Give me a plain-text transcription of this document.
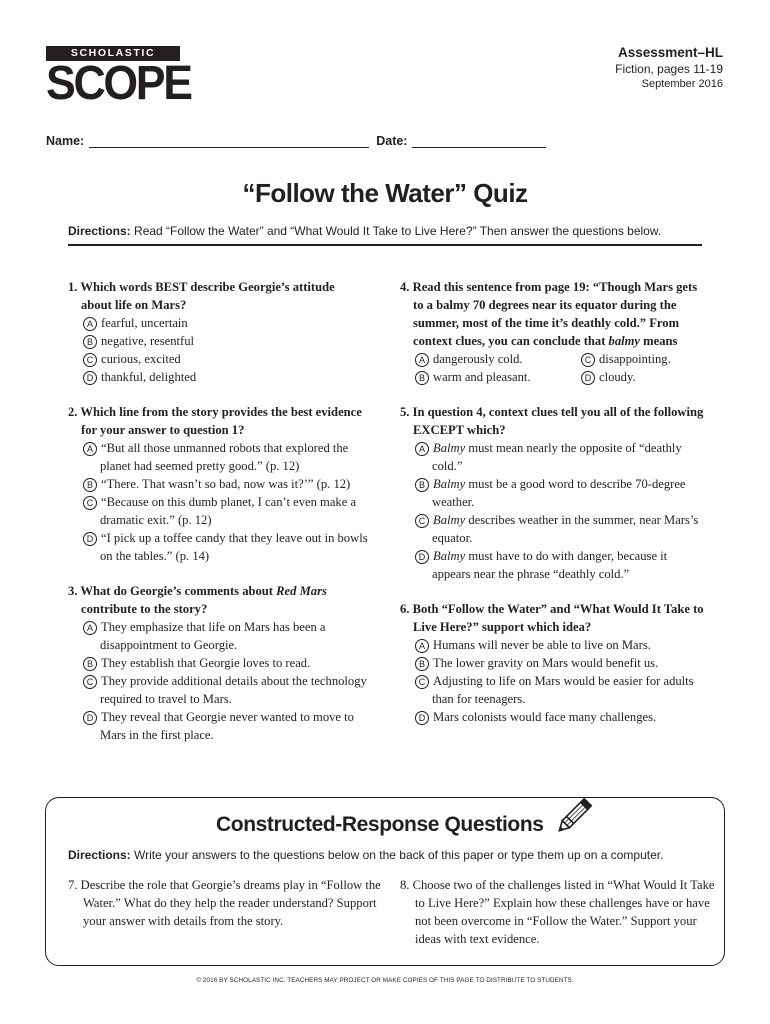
SCHOLASTIC
SCOPE
Assessment–HL
Fiction, pages 11-19
September 2016
Name:	Date:
“Follow the Water” Quiz
Directions: Read “Follow the Water” and “What Would It Take to Live Here?” Then answer the questions below.
1. Which words BEST describe Georgie’s attitude about life on Mars?
A fearful, uncertain
B negative, resentful
C curious, excited
D thankful, delighted
2. Which line from the story provides the best evidence for your answer to question 1?
A “But all those unmanned robots that explored the planet had seemed pretty good.” (p. 12)
B “There. That wasn’t so bad, now was it?’” (p. 12)
C “Because on this dumb planet, I can’t even make a dramatic exit.” (p. 12)
D “I pick up a toffee candy that they leave out in bowls on the tables.” (p. 14)
3. What do Georgie’s comments about Red Mars contribute to the story?
A They emphasize that life on Mars has been a disappointment to Georgie.
B They establish that Georgie loves to read.
C They provide additional details about the technology required to travel to Mars.
D They reveal that Georgie never wanted to move to Mars in the first place.
4. Read this sentence from page 19: “Though Mars gets to a balmy 70 degrees near its equator during the summer, most of the time it’s deathly cold.” From context clues, you can conclude that balmy means
A dangerously cold.	C disappointing.
B warm and pleasant.	D cloudy.
5. In question 4, context clues tell you all of the following EXCEPT which?
A Balmy must mean nearly the opposite of “deathly cold.”
B Balmy must be a good word to describe 70-degree weather.
C Balmy describes weather in the summer, near Mars’s equator.
D Balmy must have to do with danger, because it appears near the phrase “deathly cold.”
6. Both “Follow the Water” and “What Would It Take to Live Here?” support which idea?
A Humans will never be able to live on Mars.
B The lower gravity on Mars would benefit us.
C Adjusting to life on Mars would be easier for adults than for teenagers.
D Mars colonists would face many challenges.
Constructed-Response Questions
Directions: Write your answers to the questions below on the back of this paper or type them up on a computer.
7. Describe the role that Georgie’s dreams play in “Follow the Water.” What do they help the reader understand? Support your answer with details from the story.
8. Choose two of the challenges listed in “What Would It Take to Live Here?” Explain how these challenges have or have not been overcome in “Follow the Water.” Support your ideas with text evidence.
© 2016 BY SCHOLASTIC INC. TEACHERS MAY PROJECT OR MAKE COPIES OF THIS PAGE TO DISTRIBUTE TO STUDENTS.
